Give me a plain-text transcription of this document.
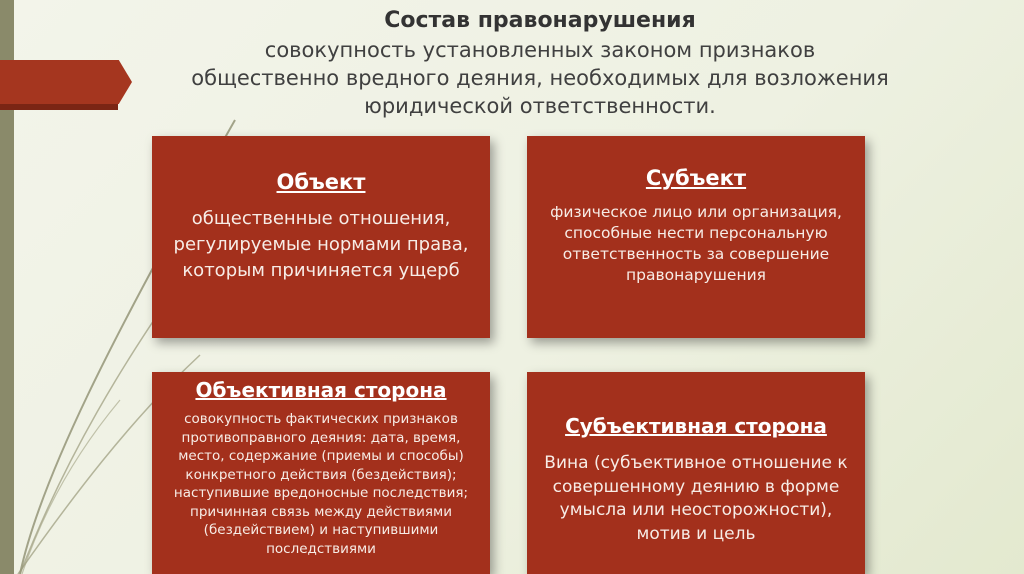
Состав правонарушения
совокупность установленных законом признаков
общественно вредного деяния, необходимых для возложения
юридической ответственности.
Объект
общественные отношения, регулируемые нормами права, которым причиняется ущерб
Субъект
физическое лицо или организация, способные нести персональную ответственность за совершение правонарушения
Объективная сторона
совокупность фактических признаков противоправного деяния: дата, время, место, содержание (приемы и способы) конкретного действия (бездействия); наступившие вредоносные последствия; причинная связь между действиями (бездействием) и наступившими последствиями
Субъективная сторона
Вина (субъективное отношение к совершенному деянию в форме умысла или неосторожности), мотив и цель
